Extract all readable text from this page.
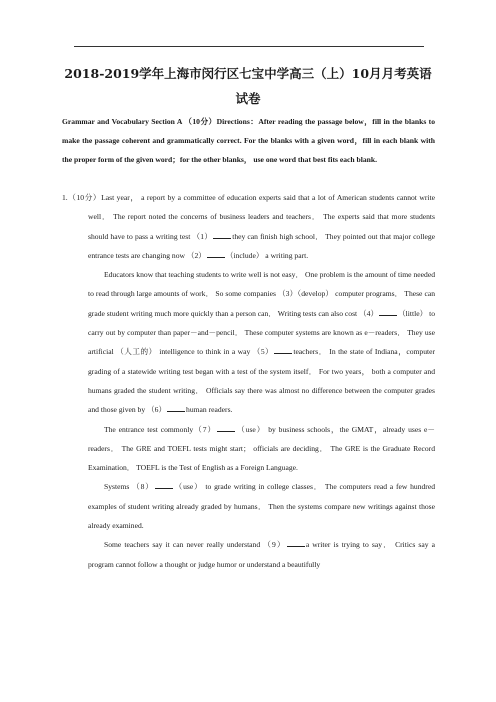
2018-2019学年上海市闵行区七宝中学高三（上）10月月考英语
试卷
Grammar and Vocabulary Section A （10分）Directions：After reading the passage below，fill in the blanks to make the passage coherent and grammatically correct. For the blanks with a given word，fill in each blank with the proper form of the given word；for the other blanks， use one word that best fits each blank.

1.（10分）Last year， a report by a committee of education experts said that a lot of American students cannot write well． The report noted the concerns of business leaders and teachers． The experts said that more students should have to pass a writing test （1）	they can finish high school． They pointed out that major college entrance tests are changing now （2）	（include） a writing part.

Educators know that teaching students to write well is not easy． One problem is the amount of time needed to read through large amounts of work． So some companies （3）（develop） computer programs． These can grade student writing much more quickly than a person can． Writing tests can also cost （4）	（little） to carry out by computer than paper－and－pencil． These computer systems are known as e－readers． They use artificial （人工的） intelligence to think in a way （5）	teachers． In the state of Indiana，computer grading of a statewide writing test began with a test of the system itself． For two years， both a computer and humans graded the student writing． Officials say there was almost no difference between the computer grades and those given by （6）	human readers.

The entrance test commonly（7）	（use） by business schools，the GMAT，already uses e－readers． The GRE and TOEFL tests might start； officials are deciding． The GRE is the Graduate Record Examination． TOEFL is the Test of English as a Foreign Language.

Systems （8）	（use） to grade writing in college classes． The computers read a few hundred examples of student writing already graded by humans． Then the systems compare new writings against those already examined.

Some teachers say it can never really understand （9）	a writer is trying to say． Critics say a program cannot follow a thought or judge humor or understand a beautifully
